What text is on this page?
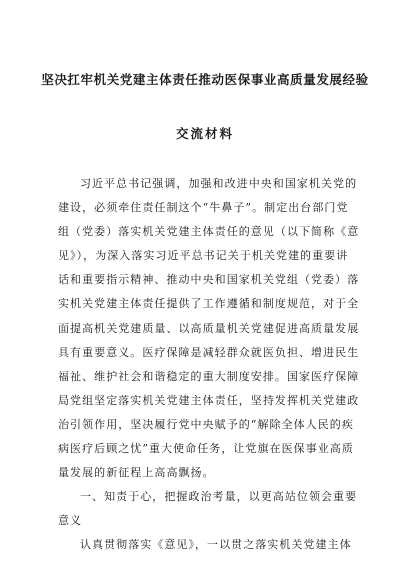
坚决扛牢机关党建主体责任推动医保事业高质量发展经验
交流材料
习近平总书记强调，加强和改进中央和国家机关党的
建设，必须牵住责任制这个“牛鼻子”。制定出台部门党
组（党委）落实机关党建主体责任的意见（以下简称《意
见》），为深入落实习近平总书记关于机关党建的重要讲
话和重要指示精神、推动中央和国家机关党组（党委）落
实机关党建主体责任提供了工作遵循和制度规范，对于全
面提高机关党建质量、以高质量机关党建促进高质量发展
具有重要意义。医疗保障是减轻群众就医负担、增进民生
福祉、维护社会和谐稳定的重大制度安排。国家医疗保障
局党组坚定落实机关党建主体责任，坚持发挥机关党建政
治引领作用，坚决履行党中央赋予的“解除全体人民的疾
病医疗后顾之忧”重大使命任务，让党旗在医保事业高质
量发展的新征程上高高飘扬。
一、知责于心，把握政治考量，以更高站位领会重要
意义
认真贯彻落实《意见》，一以贯之落实机关党建主体
